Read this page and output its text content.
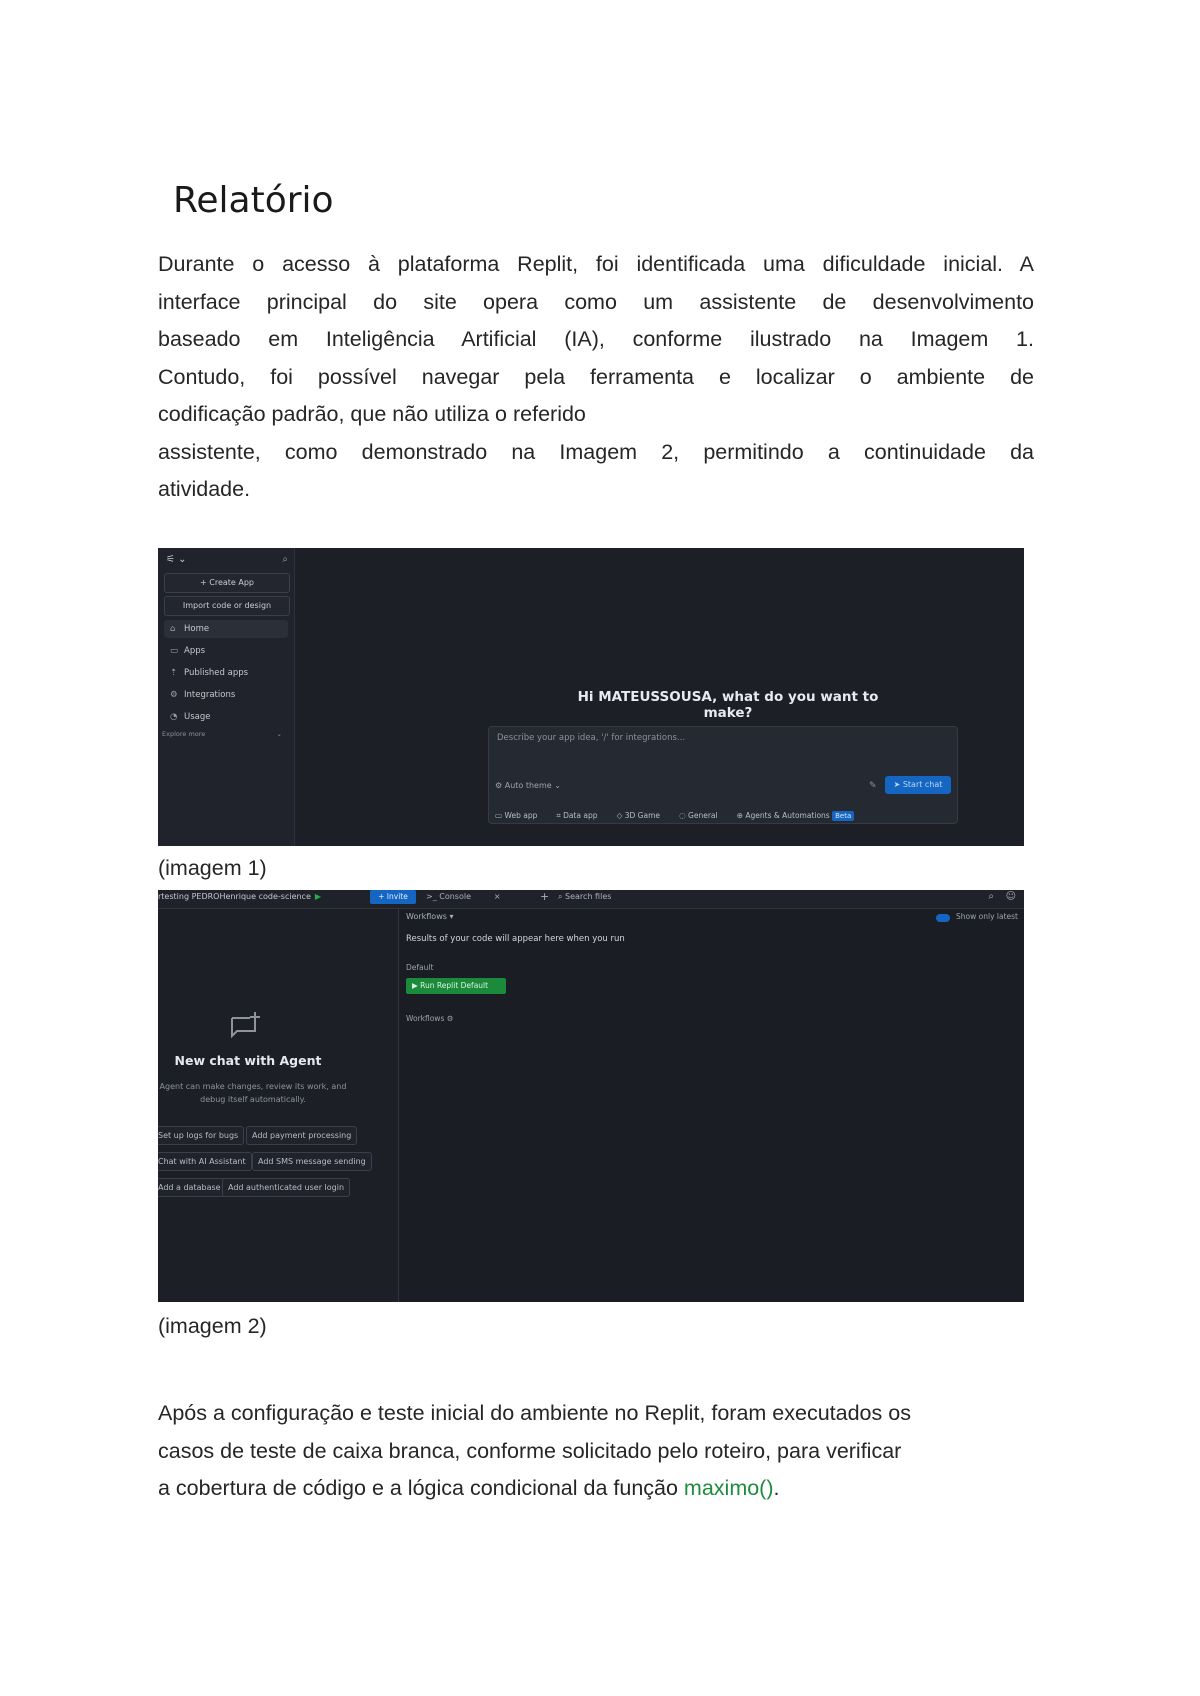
Relatório

Durante o acesso à plataforma Replit, foi identificada uma dificuldade inicial. A
interface principal do site opera como um assistente de desenvolvimento
baseado em Inteligência Artificial (IA), conforme ilustrado na Imagem 1.
Contudo, foi possível navegar pela ferramenta e localizar o ambiente de
codificação padrão, que não utiliza o referido
assistente, como demonstrado na Imagem 2, permitindo a continuidade da
atividade.

⚟ ⌄	⌕
+ Create App
Import code or design
⌂ Home
▭ Apps
⇡ Published apps
⚙ Integrations
◔ Usage
Explore more	⌄
Hi MATEUSSOUSA, what do you want to make?
Describe your app idea, '/' for integrations...
⚙ Auto theme ⌄	✎	➤ Start chat
▭ Web app	⌗ Data app	◇ 3D Game	◌ General	⊕ Agents & Automations Beta
(imagem 1)
New chat with Agent
Agent can make changes, review its work, and
debug itself automatically.
Set up logs for bugs	Add payment processing
Chat with AI Assistant	Add SMS message sending
Add a database Add authenticated user login
rtesting PEDROHenrique code-science ▶	+ Invite	>_ Console         ×	+ ⌕ Search files	⌕ ☺
Workflows ▾	Show only latest
Results of your code will appear here when you run
Default
▶ Run Replit Default
Workflows ⚙
(imagem 2)

Após a configuração e teste inicial do ambiente no Replit, foram executados os
casos de teste de caixa branca, conforme solicitado pelo roteiro, para verificar
a cobertura de código e a lógica condicional da função maximo().
